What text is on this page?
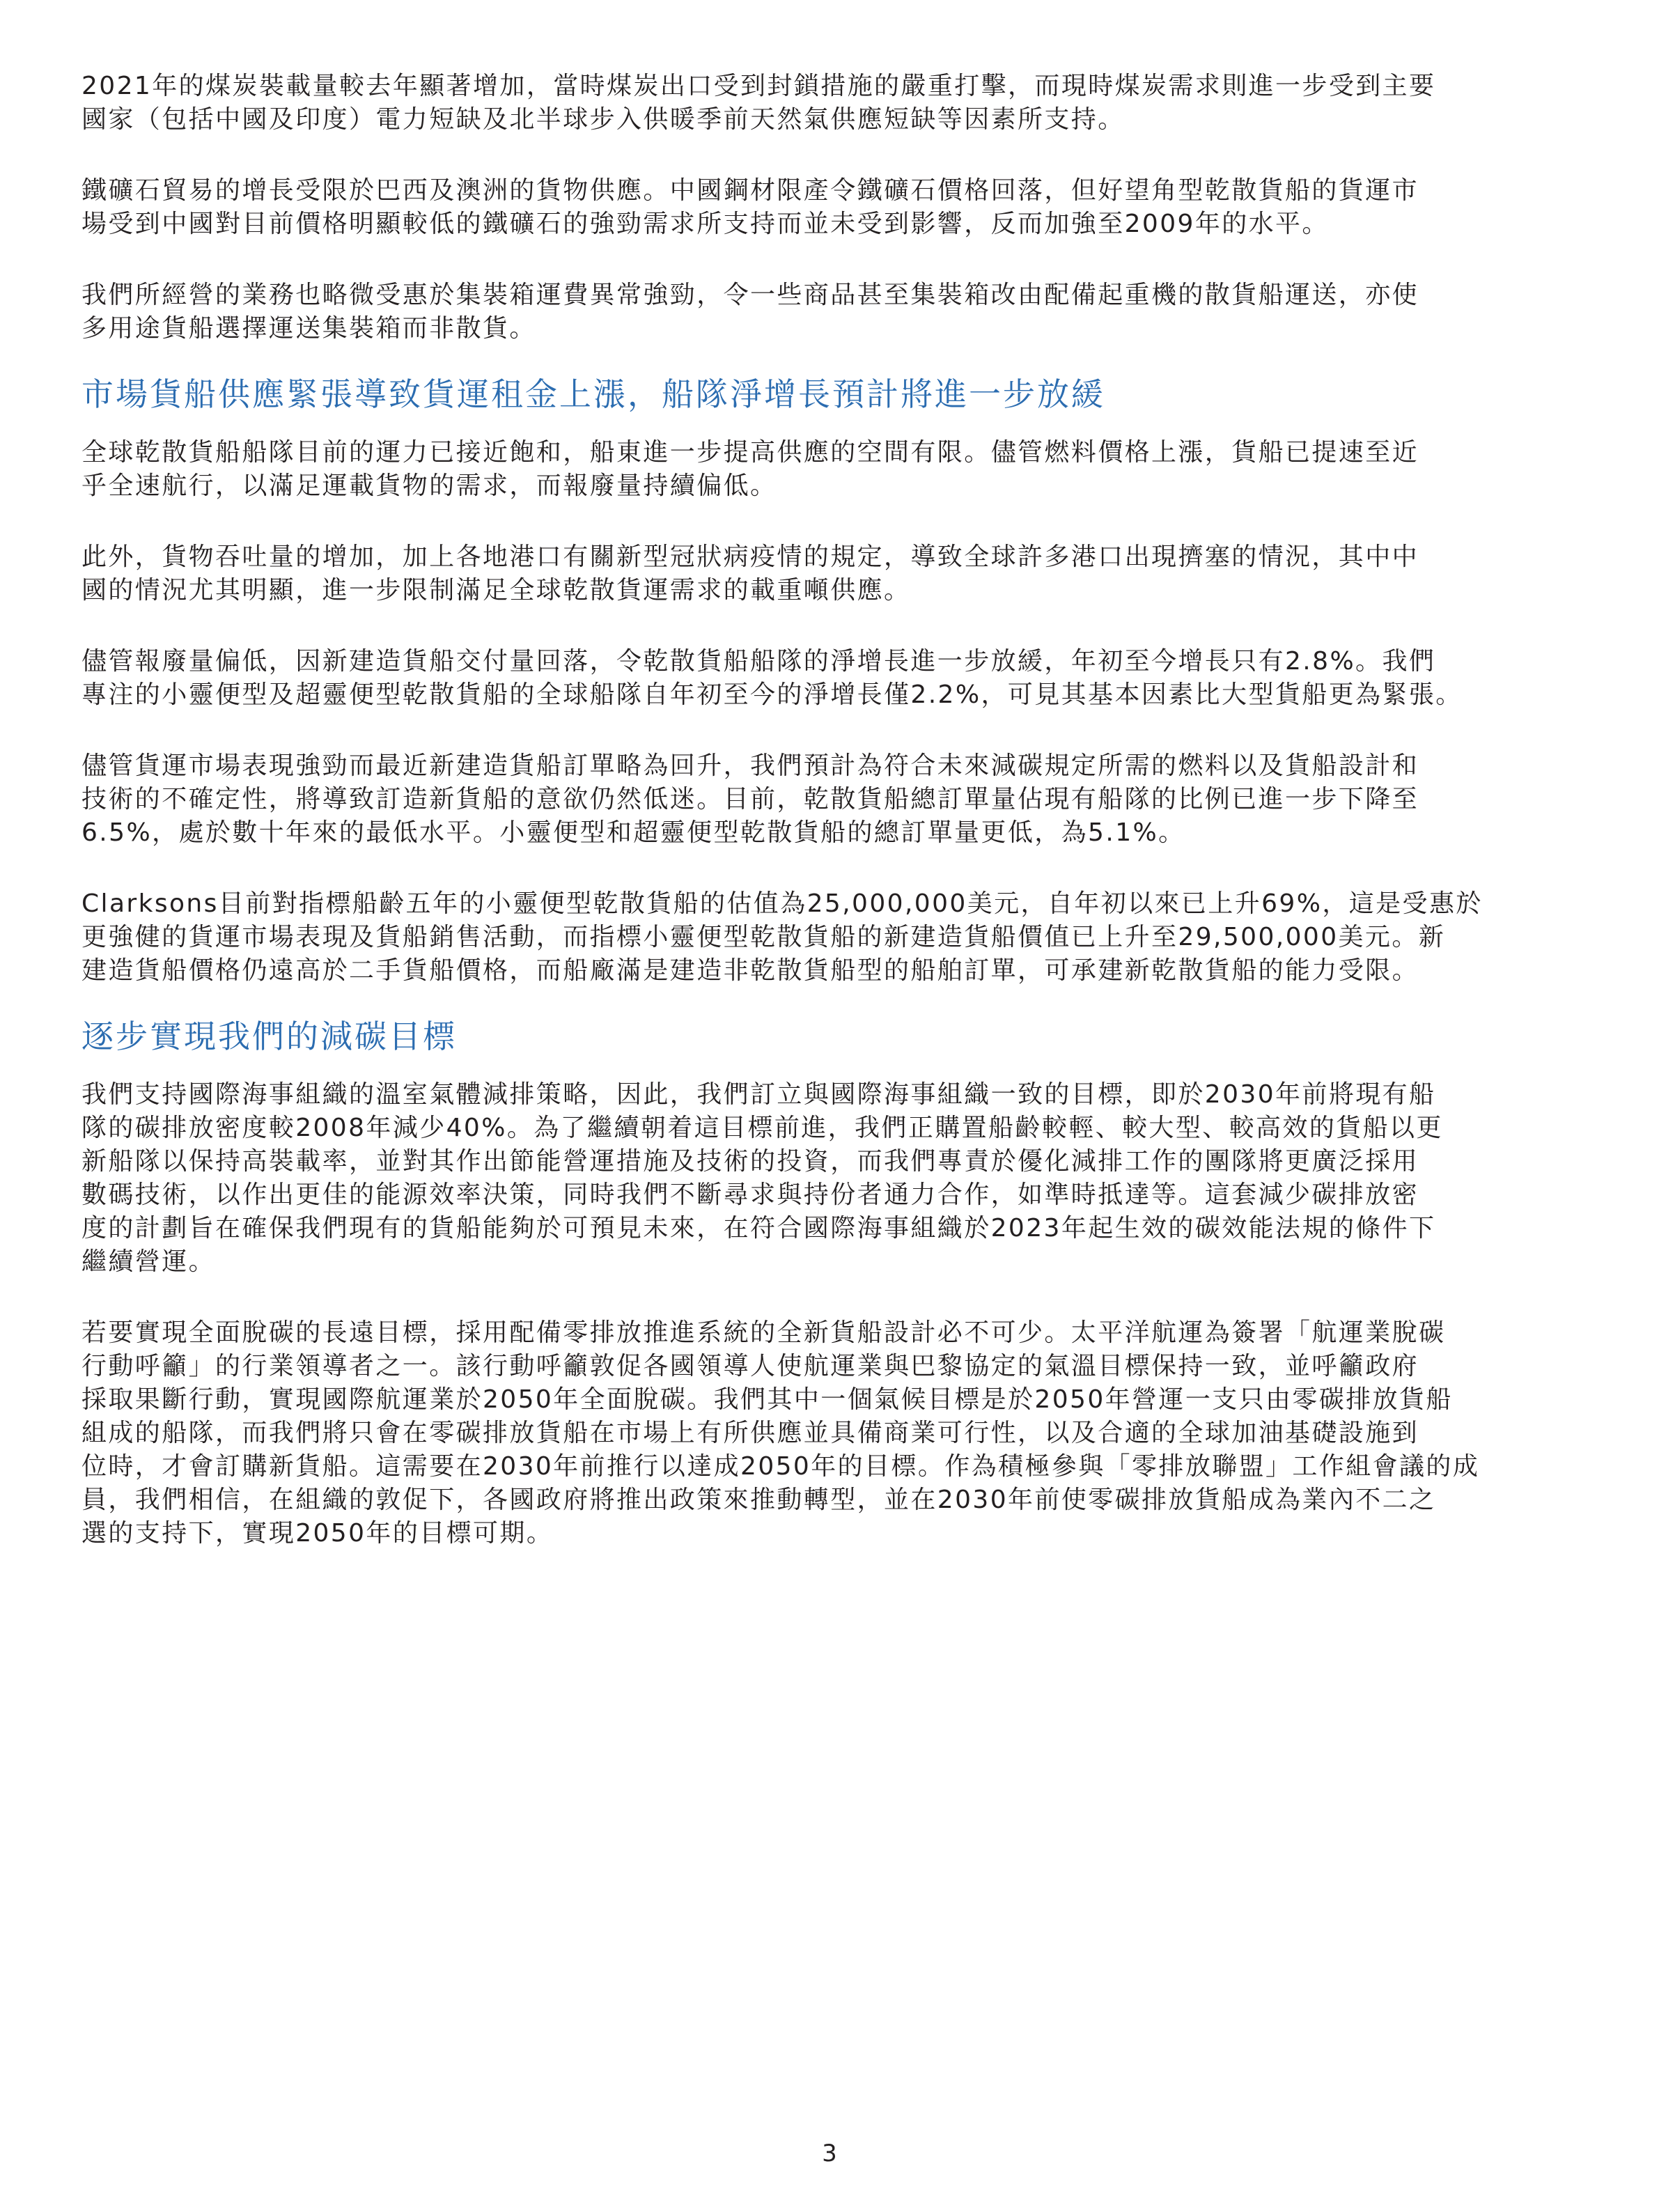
2021年的煤炭裝載量較去年顯著增加，當時煤炭出口受到封鎖措施的嚴重打擊，而現時煤炭需求則進一步受到主要
國家（包括中國及印度）電力短缺及北半球步入供暖季前天然氣供應短缺等因素所支持。

鐵礦石貿易的增長受限於巴西及澳洲的貨物供應。中國鋼材限產令鐵礦石價格回落，但好望角型乾散貨船的貨運市
場受到中國對目前價格明顯較低的鐵礦石的強勁需求所支持而並未受到影響，反而加強至2009年的水平。

我們所經營的業務也略微受惠於集裝箱運費異常強勁，令一些商品甚至集裝箱改由配備起重機的散貨船運送，亦使
多用途貨船選擇運送集裝箱而非散貨。

市場貨船供應緊張導致貨運租金上漲，船隊淨增長預計將進一步放緩

全球乾散貨船船隊目前的運力已接近飽和，船東進一步提高供應的空間有限。儘管燃料價格上漲，貨船已提速至近
乎全速航行，以滿足運載貨物的需求，而報廢量持續偏低。

此外，貨物吞吐量的增加，加上各地港口有關新型冠狀病疫情的規定，導致全球許多港口出現擠塞的情況，其中中
國的情況尤其明顯，進一步限制滿足全球乾散貨運需求的載重噸供應。

儘管報廢量偏低，因新建造貨船交付量回落，令乾散貨船船隊的淨增長進一步放緩，年初至今增長只有2.8%。我們
專注的小靈便型及超靈便型乾散貨船的全球船隊自年初至今的淨增長僅2.2%，可見其基本因素比大型貨船更為緊張。

儘管貨運市場表現強勁而最近新建造貨船訂單略為回升，我們預計為符合未來減碳規定所需的燃料以及貨船設計和
技術的不確定性，將導致訂造新貨船的意欲仍然低迷。目前，乾散貨船總訂單量佔現有船隊的比例已進一步下降至
6.5%，處於數十年來的最低水平。小靈便型和超靈便型乾散貨船的總訂單量更低，為5.1%。

Clarksons目前對指標船齡五年的小靈便型乾散貨船的估值為25,000,000美元，自年初以來已上升69%，這是受惠於
更強健的貨運市場表現及貨船銷售活動，而指標小靈便型乾散貨船的新建造貨船價值已上升至29,500,000美元。新
建造貨船價格仍遠高於二手貨船價格，而船廠滿是建造非乾散貨船型的船舶訂單，可承建新乾散貨船的能力受限。

逐步實現我們的減碳目標

我們支持國際海事組織的溫室氣體減排策略，因此，我們訂立與國際海事組織一致的目標，即於2030年前將現有船
隊的碳排放密度較2008年減少40%。為了繼續朝着這目標前進，我們正購置船齡較輕、較大型、較高效的貨船以更
新船隊以保持高裝載率，並對其作出節能營運措施及技術的投資，而我們專責於優化減排工作的團隊將更廣泛採用
數碼技術，以作出更佳的能源效率決策，同時我們不斷尋求與持份者通力合作，如準時抵達等。這套減少碳排放密
度的計劃旨在確保我們現有的貨船能夠於可預見未來，在符合國際海事組織於2023年起生效的碳效能法規的條件下
繼續營運。

若要實現全面脫碳的長遠目標，採用配備零排放推進系統的全新貨船設計必不可少。太平洋航運為簽署「航運業脫碳
行動呼籲」的行業領導者之一。該行動呼籲敦促各國領導人使航運業與巴黎協定的氣溫目標保持一致，並呼籲政府
採取果斷行動，實現國際航運業於2050年全面脫碳。我們其中一個氣候目標是於2050年營運一支只由零碳排放貨船
組成的船隊，而我們將只會在零碳排放貨船在市場上有所供應並具備商業可行性，以及合適的全球加油基礎設施到
位時，才會訂購新貨船。這需要在2030年前推行以達成2050年的目標。作為積極參與「零排放聯盟」工作組會議的成
員，我們相信，在組織的敦促下，各國政府將推出政策來推動轉型，並在2030年前使零碳排放貨船成為業內不二之
選的支持下，實現2050年的目標可期。

3
